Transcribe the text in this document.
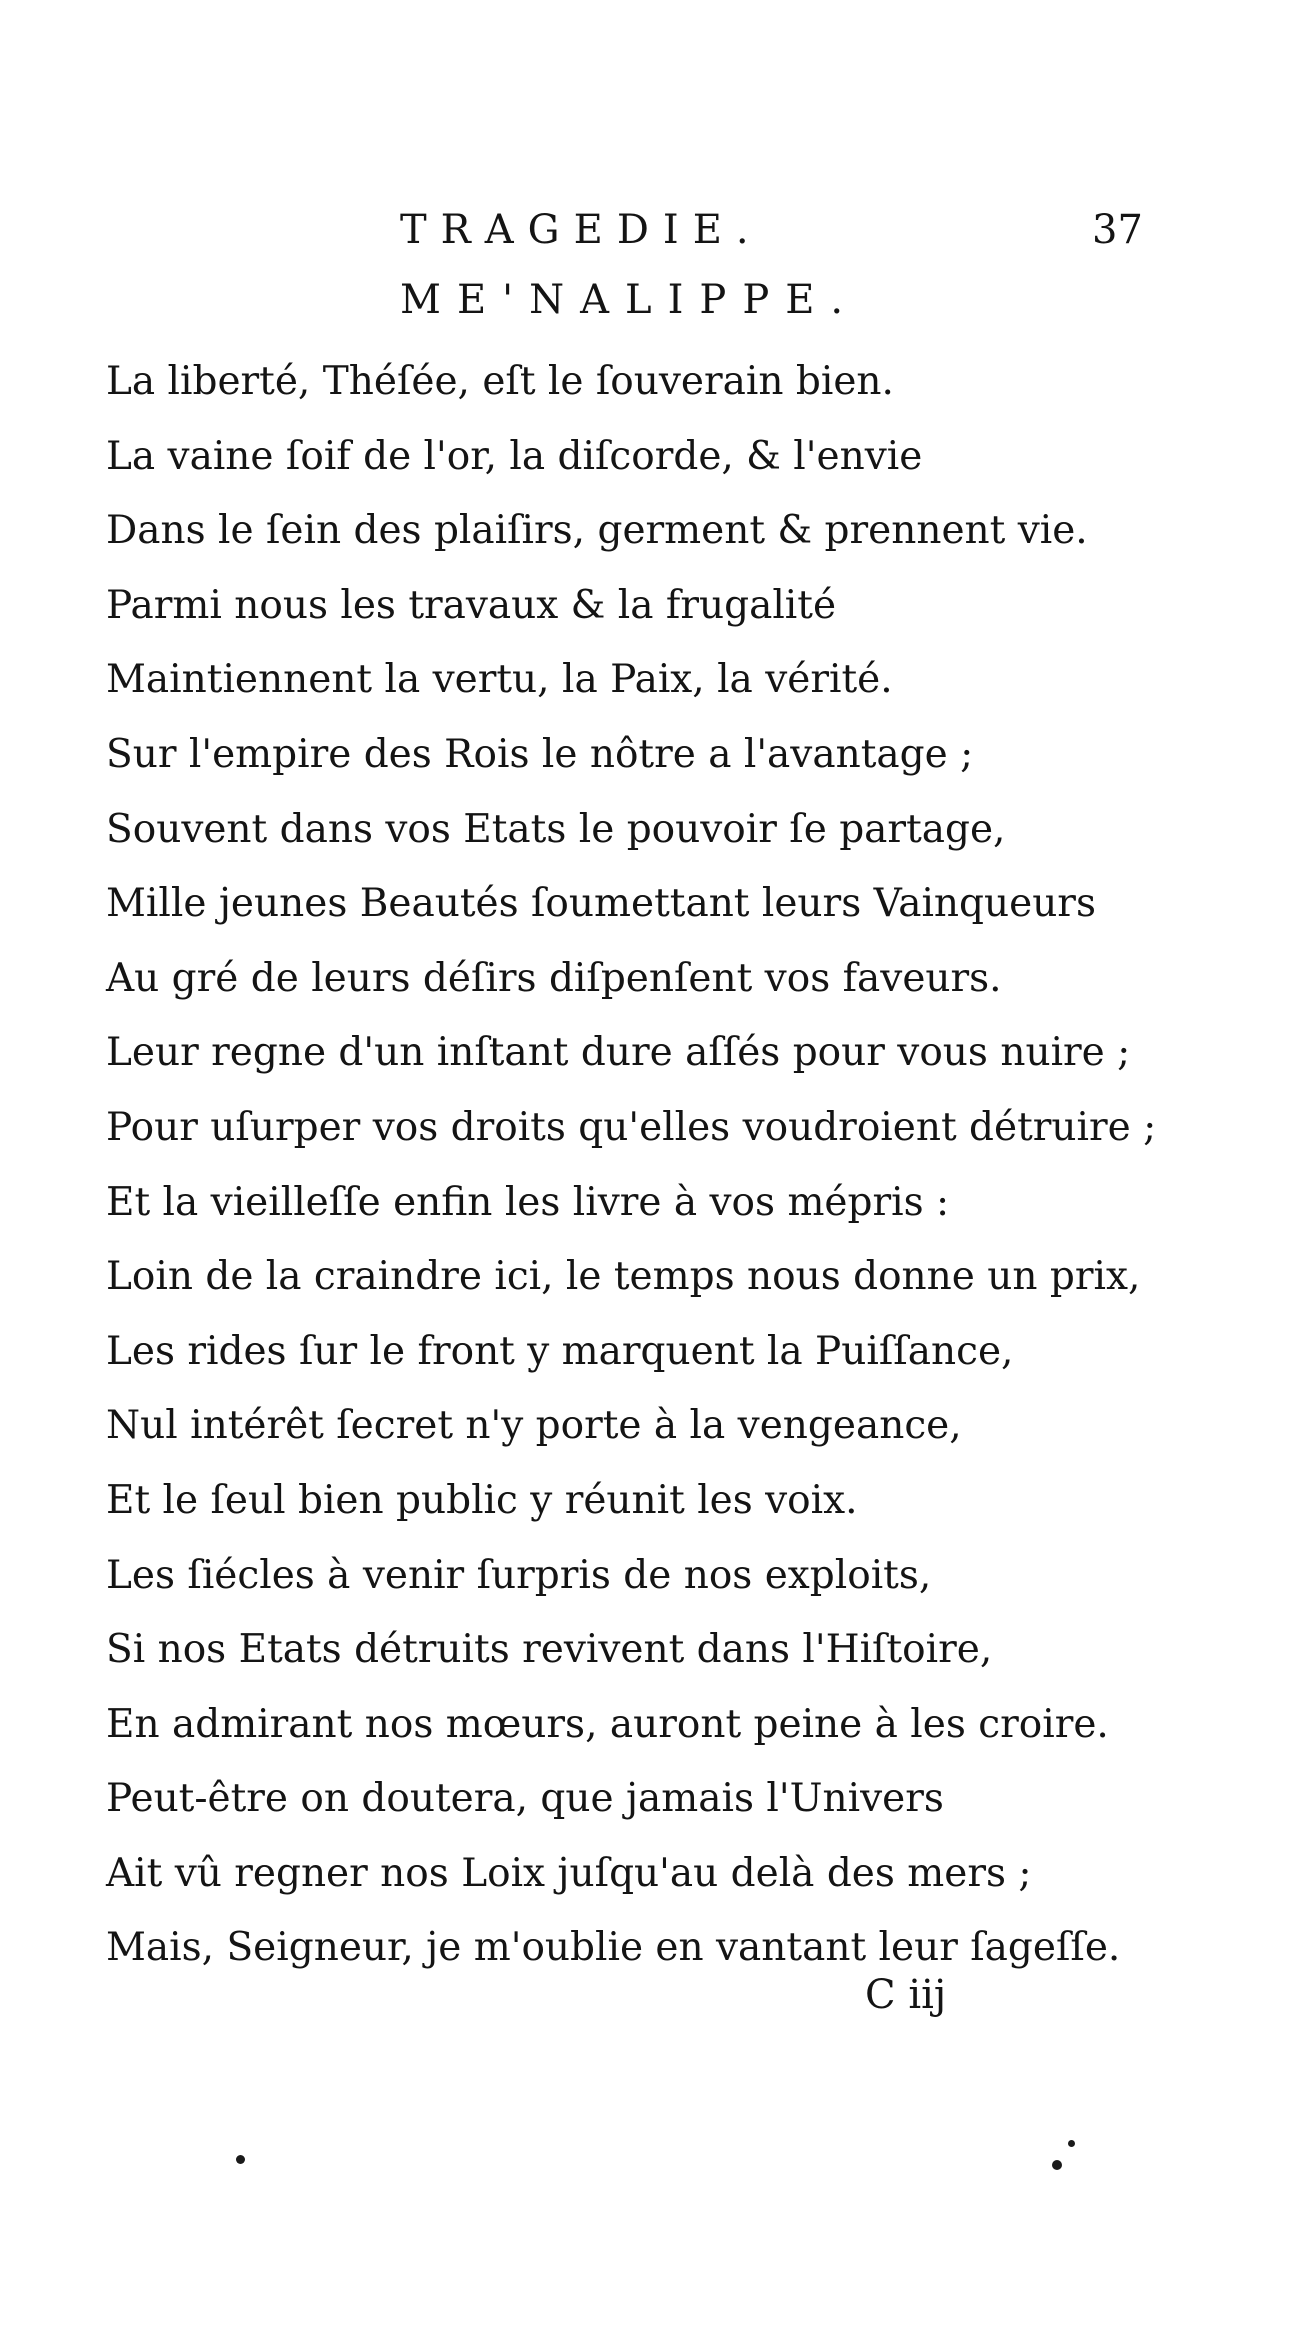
TRAGEDIE.	37
ME'NALIPPE.
La liberté, Théſée, eſt le ſouverain bien.
La vaine ſoif de l'or, la diſcorde, & l'envie
Dans le ſein des plaiſirs, germent & prennent vie.
Parmi nous les travaux & la frugalité
Maintiennent la vertu, la Paix, la vérité.
Sur l'empire des Rois le nôtre a l'avantage ;
Souvent dans vos Etats le pouvoir ſe partage,
Mille jeunes Beautés ſoumettant leurs Vainqueurs
Au gré de leurs déſirs diſpenſent vos faveurs.
Leur regne d'un inſtant dure aſſés pour vous nuire ;
Pour uſurper vos droits qu'elles voudroient détruire ;
Et la vieilleſſe enfin les livre à vos mépris :
Loin de la craindre ici, le temps nous donne un prix,
Les rides ſur le front y marquent la Puiſſance,
Nul intérêt ſecret n'y porte à la vengeance,
Et le ſeul bien public y réunit les voix.
Les ſiécles à venir ſurpris de nos exploits,
Si nos Etats détruits revivent dans l'Hiſtoire,
En admirant nos mœurs, auront peine à les croire.
Peut-être on doutera, que jamais l'Univers
Ait vû regner nos Loix juſqu'au delà des mers ;
Mais, Seigneur, je m'oublie en vantant leur ſageſſe.
C iij
